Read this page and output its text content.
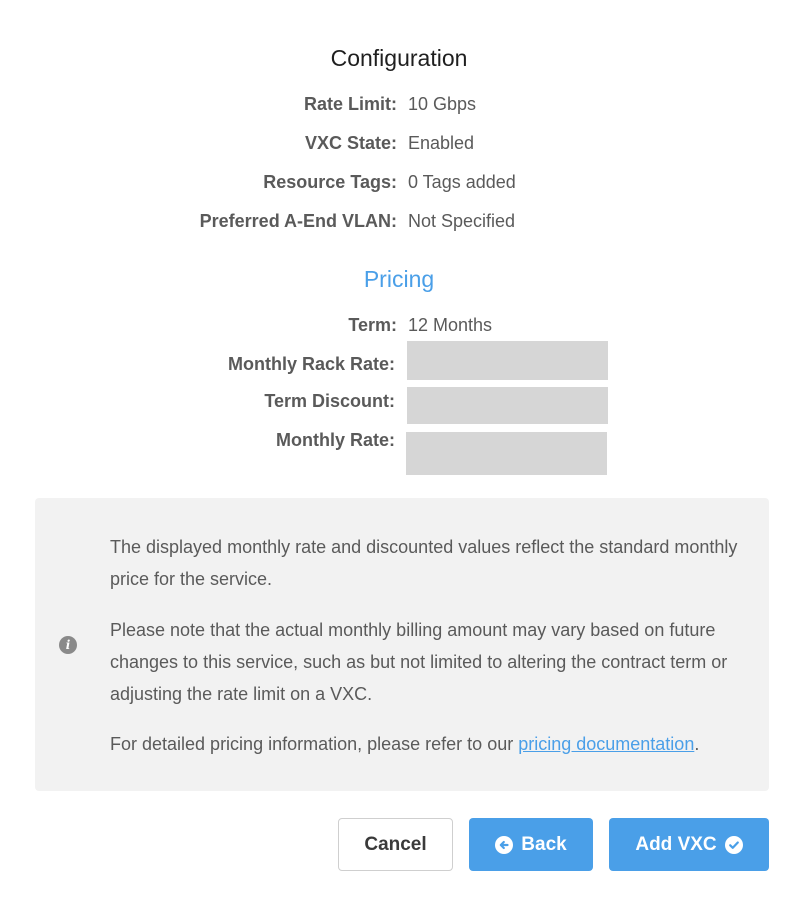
Configuration
Rate Limit: 10 Gbps
VXC State: Enabled
Resource Tags: 0 Tags added
Preferred A-End VLAN: Not Specified
Pricing
Term: 12 Months
Monthly Rack Rate:
Term Discount:
Monthly Rate:
i
The displayed monthly rate and discounted values reflect the standard monthly price for the service.
Please note that the actual monthly billing amount may vary based on future changes to this service, such as but not limited to altering the contract term or adjusting the rate limit on a VXC.
For detailed pricing information, please refer to our pricing documentation.
Cancel	Back	Add VXC
